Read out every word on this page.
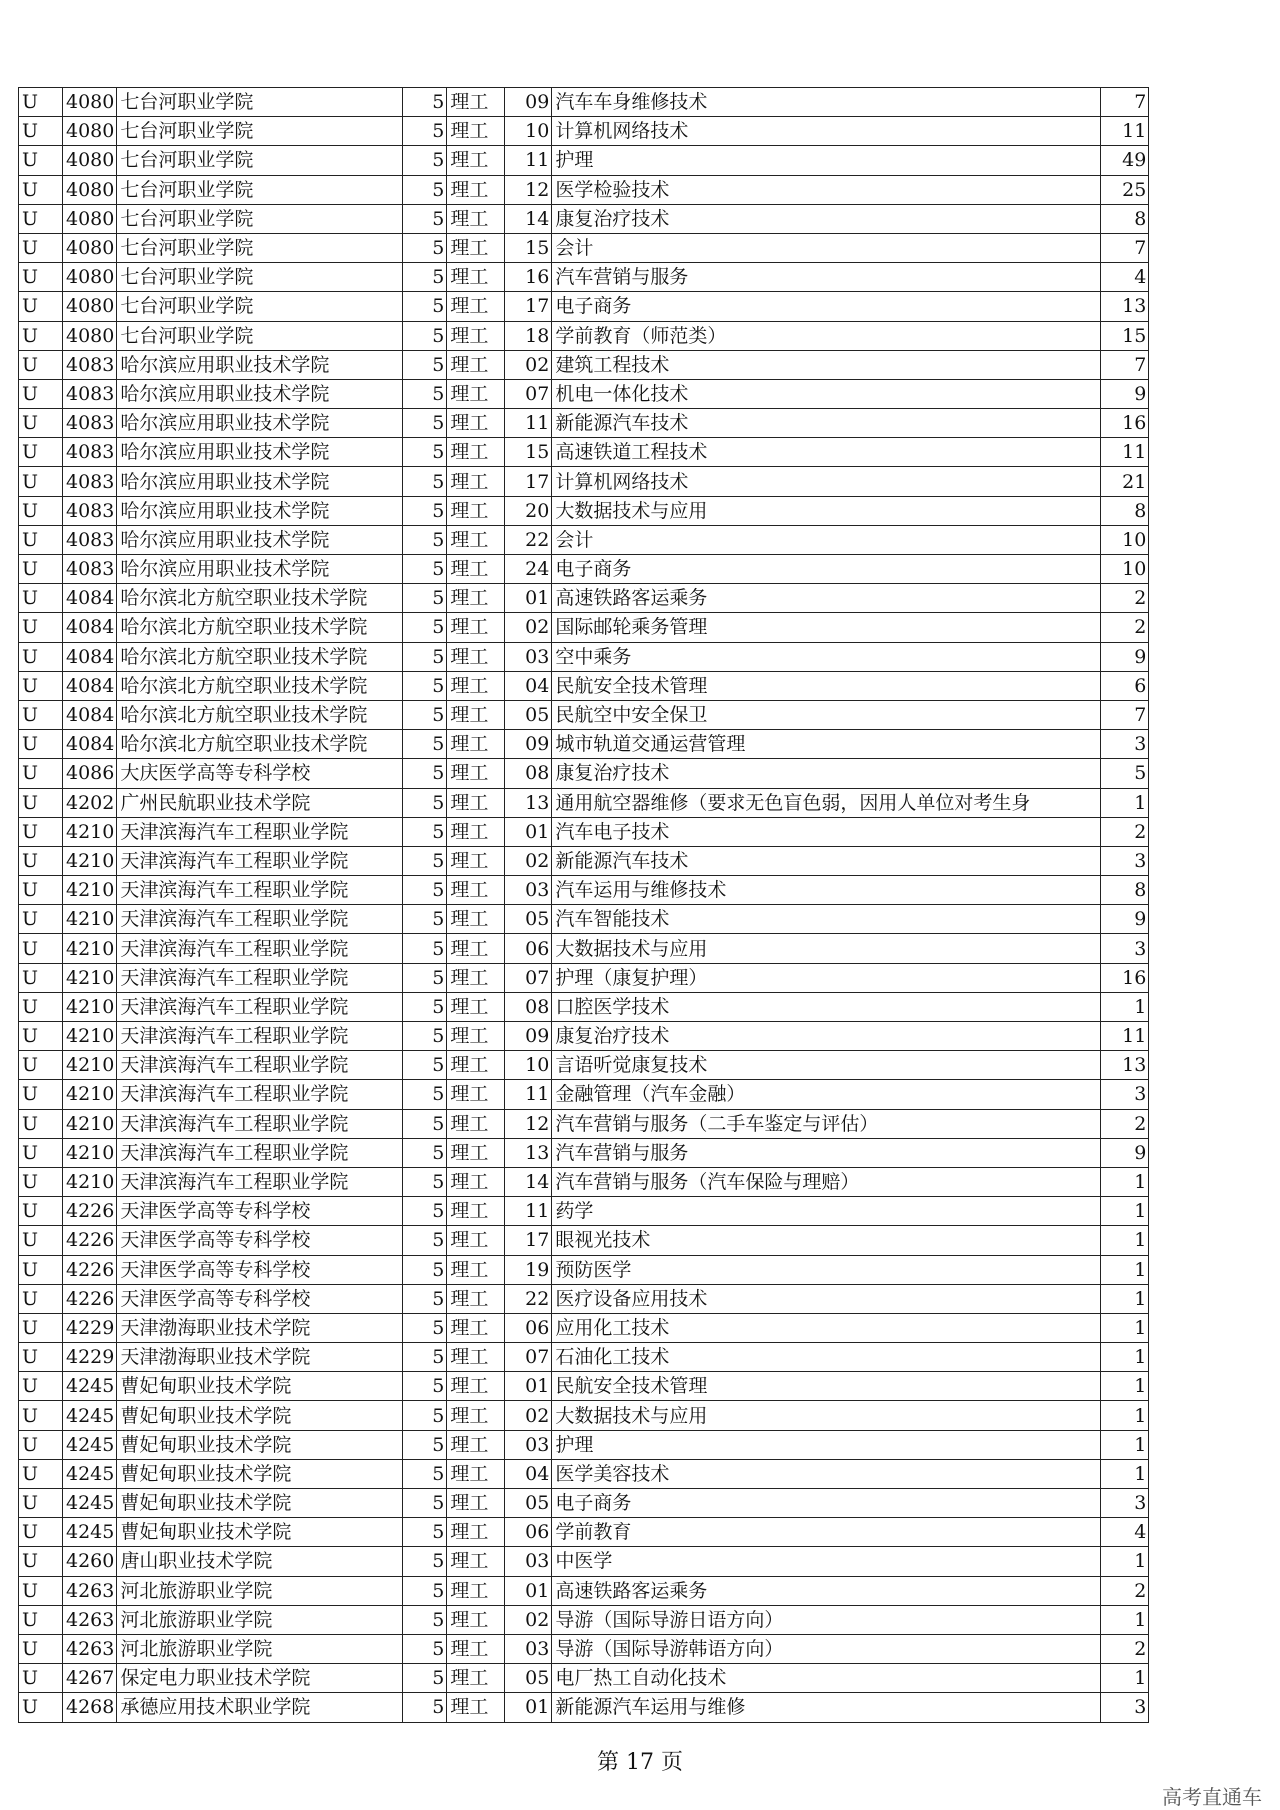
U	4080	七台河职业学院	5	理工	09	汽车车身维修技术	7
U	4080	七台河职业学院	5	理工	10	计算机网络技术	11
U	4080	七台河职业学院	5	理工	11	护理	49
U	4080	七台河职业学院	5	理工	12	医学检验技术	25
U	4080	七台河职业学院	5	理工	14	康复治疗技术	8
U	4080	七台河职业学院	5	理工	15	会计	7
U	4080	七台河职业学院	5	理工	16	汽车营销与服务	4
U	4080	七台河职业学院	5	理工	17	电子商务	13
U	4080	七台河职业学院	5	理工	18	学前教育（师范类）	15
U	4083	哈尔滨应用职业技术学院	5	理工	02	建筑工程技术	7
U	4083	哈尔滨应用职业技术学院	5	理工	07	机电一体化技术	9
U	4083	哈尔滨应用职业技术学院	5	理工	11	新能源汽车技术	16
U	4083	哈尔滨应用职业技术学院	5	理工	15	高速铁道工程技术	11
U	4083	哈尔滨应用职业技术学院	5	理工	17	计算机网络技术	21
U	4083	哈尔滨应用职业技术学院	5	理工	20	大数据技术与应用	8
U	4083	哈尔滨应用职业技术学院	5	理工	22	会计	10
U	4083	哈尔滨应用职业技术学院	5	理工	24	电子商务	10
U	4084	哈尔滨北方航空职业技术学院	5	理工	01	高速铁路客运乘务	2
U	4084	哈尔滨北方航空职业技术学院	5	理工	02	国际邮轮乘务管理	2
U	4084	哈尔滨北方航空职业技术学院	5	理工	03	空中乘务	9
U	4084	哈尔滨北方航空职业技术学院	5	理工	04	民航安全技术管理	6
U	4084	哈尔滨北方航空职业技术学院	5	理工	05	民航空中安全保卫	7
U	4084	哈尔滨北方航空职业技术学院	5	理工	09	城市轨道交通运营管理	3
U	4086	大庆医学高等专科学校	5	理工	08	康复治疗技术	5
U	4202	广州民航职业技术学院	5	理工	13	通用航空器维修（要求无色盲色弱，因用人单位对考生身	1
U	4210	天津滨海汽车工程职业学院	5	理工	01	汽车电子技术	2
U	4210	天津滨海汽车工程职业学院	5	理工	02	新能源汽车技术	3
U	4210	天津滨海汽车工程职业学院	5	理工	03	汽车运用与维修技术	8
U	4210	天津滨海汽车工程职业学院	5	理工	05	汽车智能技术	9
U	4210	天津滨海汽车工程职业学院	5	理工	06	大数据技术与应用	3
U	4210	天津滨海汽车工程职业学院	5	理工	07	护理（康复护理）	16
U	4210	天津滨海汽车工程职业学院	5	理工	08	口腔医学技术	1
U	4210	天津滨海汽车工程职业学院	5	理工	09	康复治疗技术	11
U	4210	天津滨海汽车工程职业学院	5	理工	10	言语听觉康复技术	13
U	4210	天津滨海汽车工程职业学院	5	理工	11	金融管理（汽车金融）	3
U	4210	天津滨海汽车工程职业学院	5	理工	12	汽车营销与服务（二手车鉴定与评估）	2
U	4210	天津滨海汽车工程职业学院	5	理工	13	汽车营销与服务	9
U	4210	天津滨海汽车工程职业学院	5	理工	14	汽车营销与服务（汽车保险与理赔）	1
U	4226	天津医学高等专科学校	5	理工	11	药学	1
U	4226	天津医学高等专科学校	5	理工	17	眼视光技术	1
U	4226	天津医学高等专科学校	5	理工	19	预防医学	1
U	4226	天津医学高等专科学校	5	理工	22	医疗设备应用技术	1
U	4229	天津渤海职业技术学院	5	理工	06	应用化工技术	1
U	4229	天津渤海职业技术学院	5	理工	07	石油化工技术	1
U	4245	曹妃甸职业技术学院	5	理工	01	民航安全技术管理	1
U	4245	曹妃甸职业技术学院	5	理工	02	大数据技术与应用	1
U	4245	曹妃甸职业技术学院	5	理工	03	护理	1
U	4245	曹妃甸职业技术学院	5	理工	04	医学美容技术	1
U	4245	曹妃甸职业技术学院	5	理工	05	电子商务	3
U	4245	曹妃甸职业技术学院	5	理工	06	学前教育	4
U	4260	唐山职业技术学院	5	理工	03	中医学	1
U	4263	河北旅游职业学院	5	理工	01	高速铁路客运乘务	2
U	4263	河北旅游职业学院	5	理工	02	导游（国际导游日语方向）	1
U	4263	河北旅游职业学院	5	理工	03	导游（国际导游韩语方向）	2
U	4267	保定电力职业技术学院	5	理工	05	电厂热工自动化技术	1
U	4268	承德应用技术职业学院	5	理工	01	新能源汽车运用与维修	3
第 17 页
高考直通车
